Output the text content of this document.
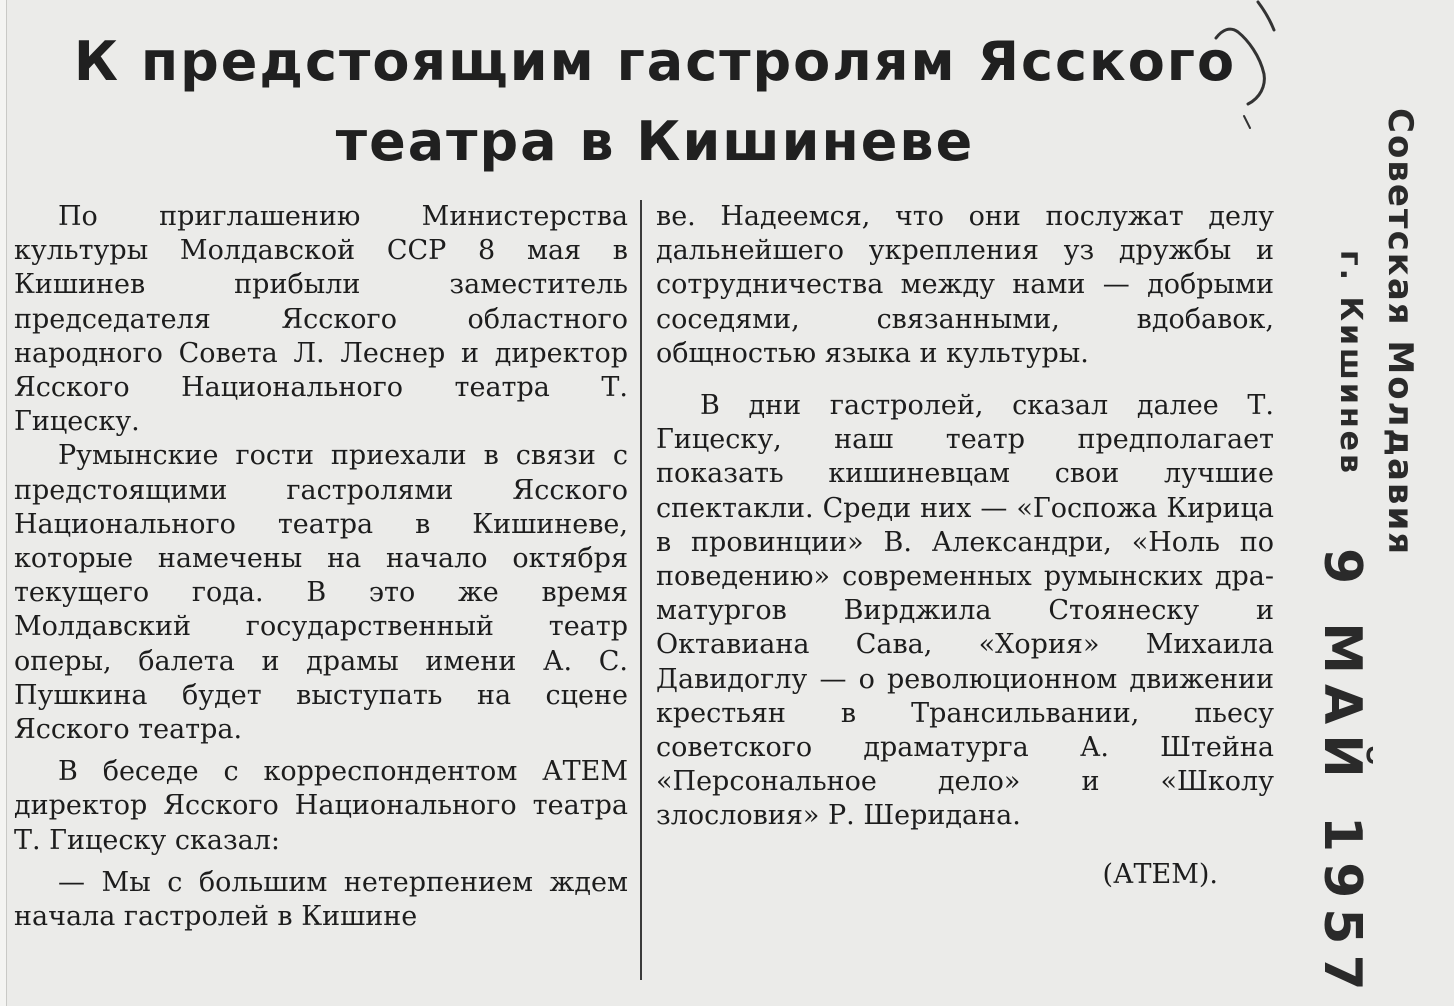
К предстоящим гастролям Ясского
театра в Кишиневе

По приглашению Министерства культуры Молдавской ССР 8 мая в Кишинев прибыли заместитель председателя Ясского областного народного Совета Л. Леснер и директор Ясского Национального театра Т. Гицеску.

Румынские гости приехали в связи с предстоящими гастролями Ясского Национального театра в Кишиневе, которые намечены на начало октября текущего года. В это же время Молдавский государственный театр оперы, балета и драмы имени А. С. Пушкина будет выступать на сцене Ясского театра.

В беседе с корреспондентом АТЕМ директор Ясского Национального театра Т. Гицеску сказал:

— Мы с большим нетерпением ждем начала гастролей в Кишине

ве. Надеемся, что они послужат делу дальнейшего укрепления уз дружбы и сотрудничества между нами — добрыми соседями, связанными, вдобавок, общностью языка и культуры.

В дни гастролей, сказал далее Т. Гицеску, наш театр предполагает показать кишиневцам свои лучшие спектакли. Среди них — «Госпожа Кирица в провинции» В. Александри, «Ноль по поведению» современных румынских драматургов Вирджила Стоянеску и Октавиана Сава, «Хория» Михаила Давидоглу — о революционном движении крестьян в Трансильвании, пьесу советского драматурга А. Штейна «Персональное дело» и «Школу злословия» Р. Шеридана.

(АТЕМ).

Советская Молдавия
г. Кишинев
9 МАЙ 1957
